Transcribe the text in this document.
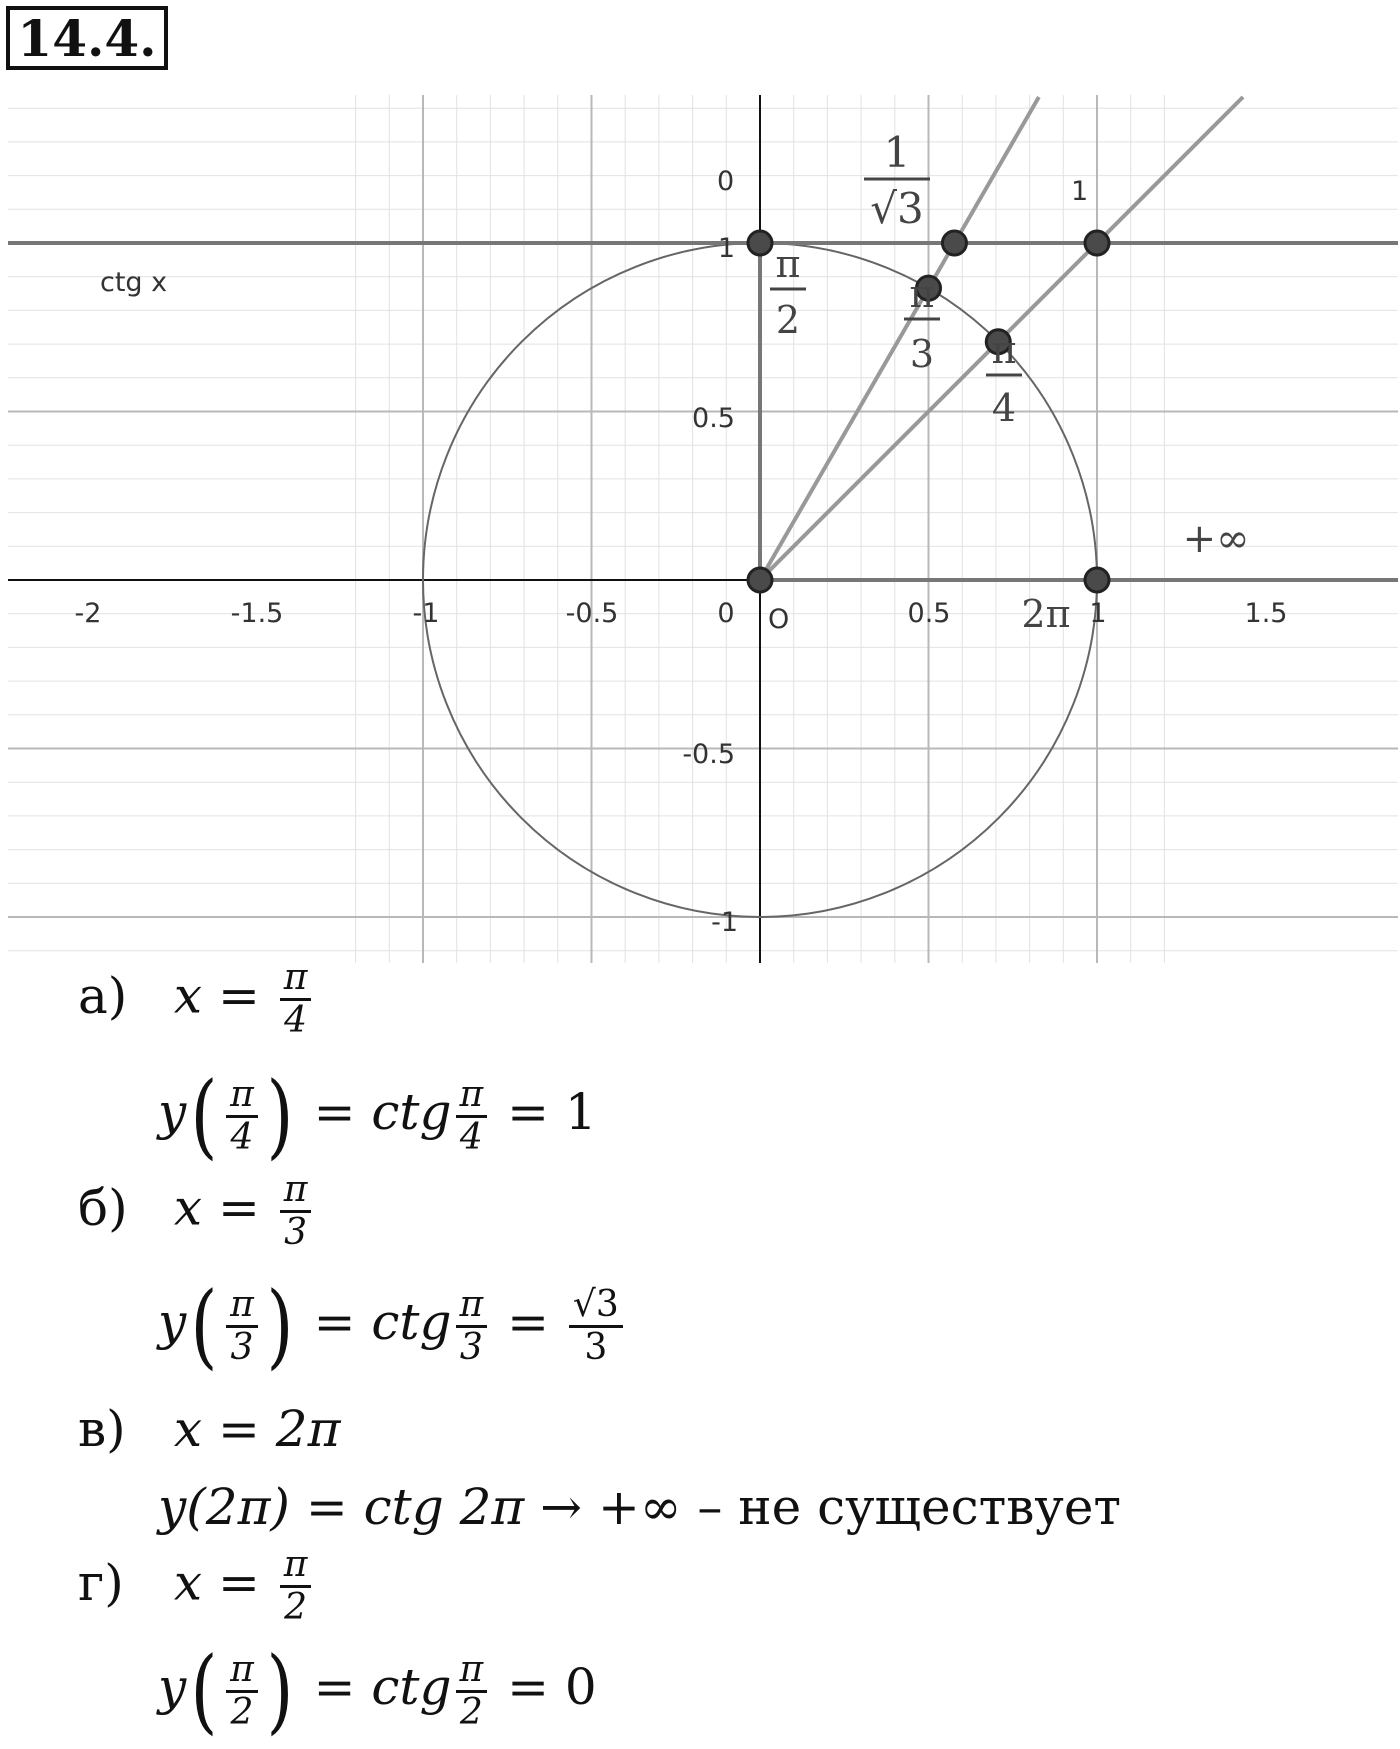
14.4.
ctg x
-2	-1.5	-1	-0.5	0	0.5	1	1.5
0.5
-0.5
-1
1
O
0	1
1
√3
π
2
π
3 π
4
2π
+∞
а) $x = \frac{\pi}{4}$
$y( \frac{\pi}{4}$ ) = ctg $\frac{\pi}{4} = 1$
б) $x = \frac{\pi}{3}$
$y( \frac{\pi}{3}$ ) = ctg $\frac{\pi}{3} = \frac{√3}{3}$
в) x = 2π
y(2π) = ctg 2π → +∞ – не существует
г) $x = \frac{\pi}{2}$
$y( \frac{\pi}{2}$ ) = ctg $\frac{\pi}{2} = 0$
